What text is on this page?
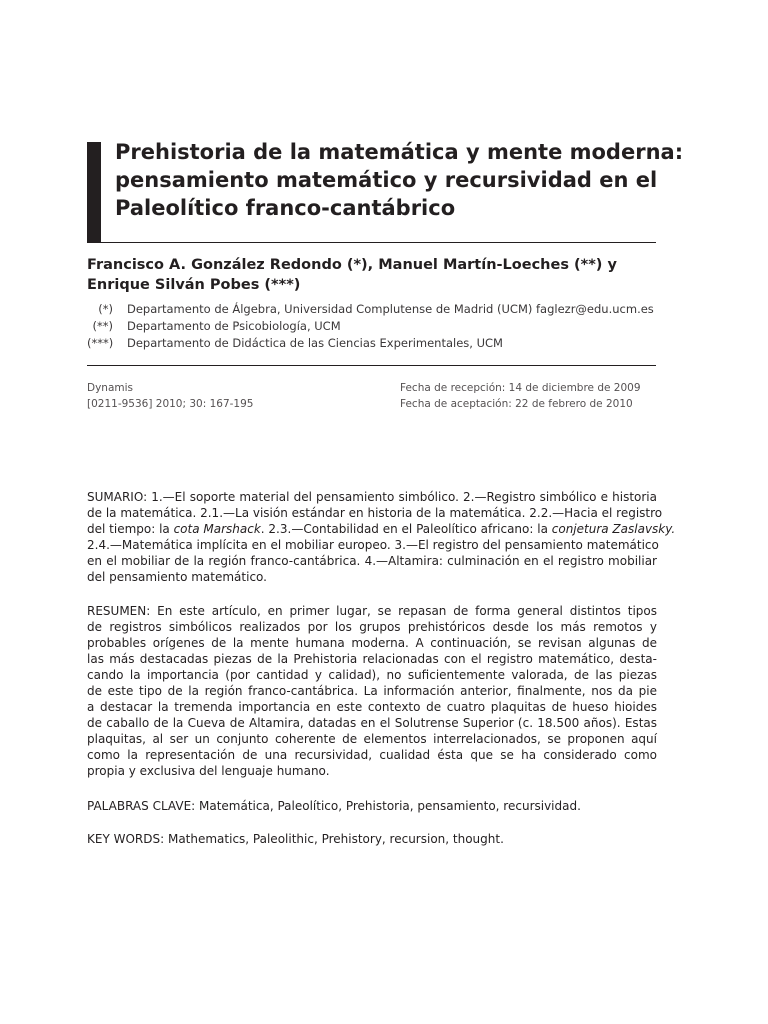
Prehistoria de la matemática y mente moderna:
pensamiento matemático y recursividad en el
Paleolítico franco-cantábrico
Francisco A. González Redondo (*), Manuel Martín-Loeches (**) y
Enrique Silván Pobes (***)
(*) Departamento de Álgebra, Universidad Complutense de Madrid (UCM) faglezr@edu.ucm.es
(**) Departamento de Psicobiología, UCM
(***) Departamento de Didáctica de las Ciencias Experimentales, UCM
Dynamis
[0211-9536] 2010; 30: 167-195
Fecha de recepción: 14 de diciembre de 2009
Fecha de aceptación: 22 de febrero de 2010
SUMARIO: 1.—El soporte material del pensamiento simbólico. 2.—Registro simbólico e historia
de la matemática. 2.1.—La visión estándar en historia de la matemática. 2.2.—Hacia el registro
del tiempo: la cota Marshack. 2.3.—Contabilidad en el Paleolítico africano: la conjetura Zaslavsky.
2.4.—Matemática implícita en el mobiliar europeo. 3.—El registro del pensamiento matemático
en el mobiliar de la región franco-cantábrica. 4.—Altamira: culminación en el registro mobiliar
del pensamiento matemático.
RESUMEN: En este artículo, en primer lugar, se repasan de forma general distintos tipos
de registros simbólicos realizados por los grupos prehistóricos desde los más remotos y
probables orígenes de la mente humana moderna. A continuación, se revisan algunas de
las más destacadas piezas de la Prehistoria relacionadas con el registro matemático, desta-
cando la importancia (por cantidad y calidad), no suficientemente valorada, de las piezas
de este tipo de la región franco-cantábrica. La información anterior, finalmente, nos da pie
a destacar la tremenda importancia en este contexto de cuatro plaquitas de hueso hioides
de caballo de la Cueva de Altamira, datadas en el Solutrense Superior (c. 18.500 años). Estas
plaquitas, al ser un conjunto coherente de elementos interrelacionados, se proponen aquí
como la representación de una recursividad, cualidad ésta que se ha considerado como
propia y exclusiva del lenguaje humano.
PALABRAS CLAVE: Matemática, Paleolítico, Prehistoria, pensamiento, recursividad.
KEY WORDS: Mathematics, Paleolithic, Prehistory, recursion, thought.
